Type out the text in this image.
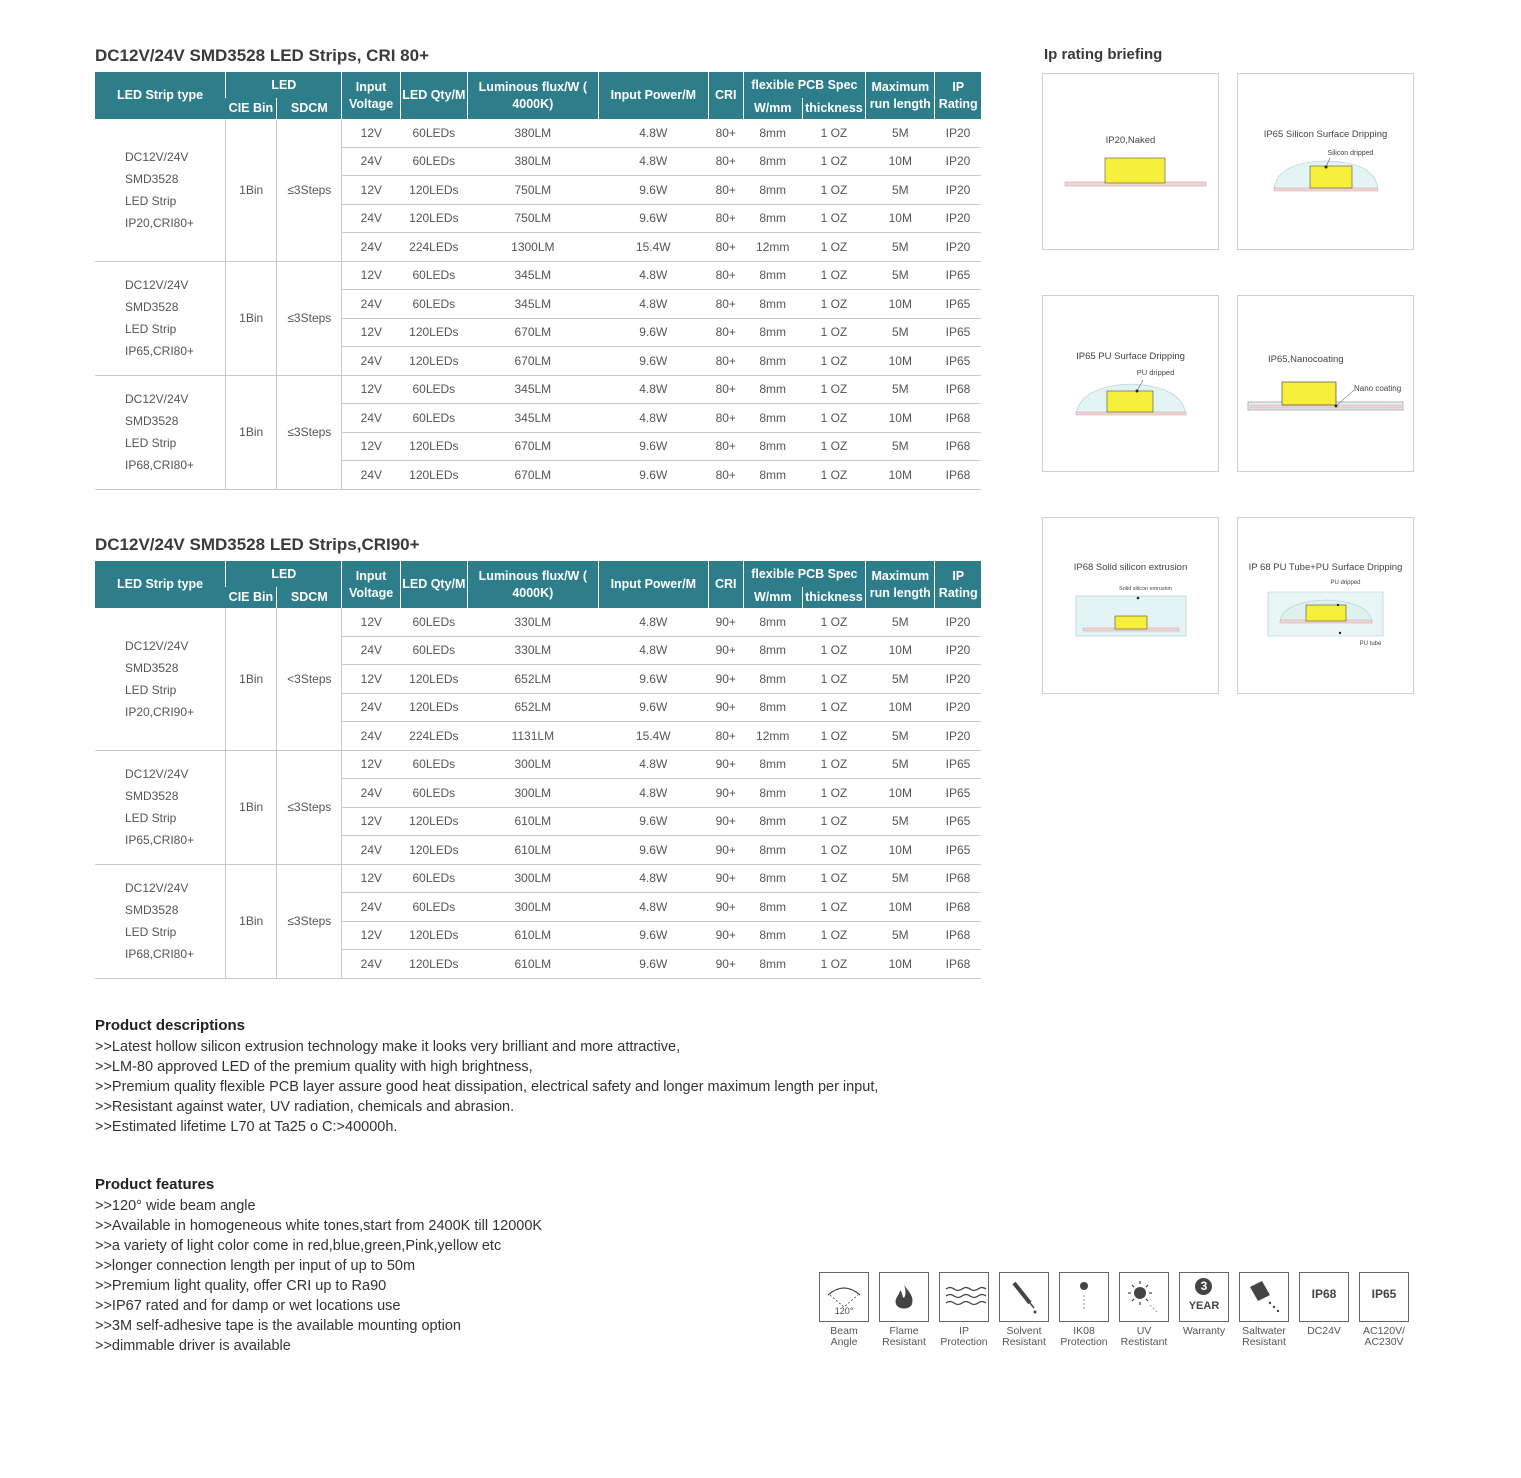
DC12V/24V SMD3528 LED Strips, CRI 80+
LED Strip type	LED		Input Voltage	LED Qty/M	Luminous flux/W ( 4000K)	Input Power/M	CRI	flexible PCB Spec		Maximum run length	IP Rating
	CIE Bin	SDCM						W/mm	thickness		

DC12V/24V
SMD3528
LED Strip
IP20,CRI80+	1Bin	≤3Steps	12V	60LEDs	380LM	4.8W	80+	8mm	1 OZ	5M	IP20
			24V	60LEDs	380LM	4.8W	80+	8mm	1 OZ	10M	IP20
			12V	120LEDs	750LM	9.6W	80+	8mm	1 OZ	5M	IP20
			24V	120LEDs	750LM	9.6W	80+	8mm	1 OZ	10M	IP20
			24V	224LEDs	1300LM	15.4W	80+	12mm	1 OZ	5M	IP20

DC12V/24V
SMD3528
LED Strip
IP65,CRI80+	1Bin	≤3Steps	12V	60LEDs	345LM	4.8W	80+	8mm	1 OZ	5M	IP65
			24V	60LEDs	345LM	4.8W	80+	8mm	1 OZ	10M	IP65
			12V	120LEDs	670LM	9.6W	80+	8mm	1 OZ	5M	IP65
			24V	120LEDs	670LM	9.6W	80+	8mm	1 OZ	10M	IP65

DC12V/24V
SMD3528
LED Strip
IP68,CRI80+	1Bin	≤3Steps	12V	60LEDs	345LM	4.8W	80+	8mm	1 OZ	5M	IP68
			24V	60LEDs	345LM	4.8W	80+	8mm	1 OZ	10M	IP68
			12V	120LEDs	670LM	9.6W	80+	8mm	1 OZ	5M	IP68
			24V	120LEDs	670LM	9.6W	80+	8mm	1 OZ	10M	IP68
DC12V/24V SMD3528 LED Strips,CRI90+
LED Strip type	LED		Input Voltage	LED Qty/M	Luminous flux/W ( 4000K)	Input Power/M	CRI	flexible PCB Spec		Maximum run length	IP Rating
	CIE Bin	SDCM						W/mm	thickness		

DC12V/24V
SMD3528
LED Strip
IP20,CRI90+	1Bin	<3Steps	12V	60LEDs	330LM	4.8W	90+	8mm	1 OZ	5M	IP20
			24V	60LEDs	330LM	4.8W	90+	8mm	1 OZ	10M	IP20
			12V	120LEDs	652LM	9.6W	90+	8mm	1 OZ	5M	IP20
			24V	120LEDs	652LM	9.6W	90+	8mm	1 OZ	10M	IP20
			24V	224LEDs	1131LM	15.4W	80+	12mm	1 OZ	5M	IP20

DC12V/24V
SMD3528
LED Strip
IP65,CRI80+	1Bin	≤3Steps	12V	60LEDs	300LM	4.8W	90+	8mm	1 OZ	5M	IP65
			24V	60LEDs	300LM	4.8W	90+	8mm	1 OZ	10M	IP65
			12V	120LEDs	610LM	9.6W	90+	8mm	1 OZ	5M	IP65
			24V	120LEDs	610LM	9.6W	90+	8mm	1 OZ	10M	IP65

DC12V/24V
SMD3528
LED Strip
IP68,CRI80+	1Bin	≤3Steps	12V	60LEDs	300LM	4.8W	90+	8mm	1 OZ	5M	IP68
			24V	60LEDs	300LM	4.8W	90+	8mm	1 OZ	10M	IP68
			12V	120LEDs	610LM	9.6W	90+	8mm	1 OZ	5M	IP68
			24V	120LEDs	610LM	9.6W	90+	8mm	1 OZ	10M	IP68
Ip rating briefing
IP20,Naked
IP65 Silicon Surface Dripping
Silicon dripped
IP65 PU Surface Dripping
PU dripped
IP65,Nanocoating
Nano coating
IP68 Solid silicon extrusion
Solid silicon extrusion
IP 68 PU Tube+PU Surface Dripping
PU dripped
PU tube
Product descriptions
>>Latest hollow silicon extrusion technology make it looks very brilliant and more attractive,
>>LM-80 approved LED of the premium quality with high brightness,
>>Premium quality flexible PCB layer assure good heat dissipation, electrical safety and longer maximum length per input,
>>Resistant against water, UV radiation, chemicals and abrasion.
>>Estimated lifetime L70 at Ta25 o C:>40000h.
Product features
>>120° wide beam angle
>>Available in homogeneous white tones,start from 2400K till 12000K
>>a variety of light color come in red,blue,green,Pink,yellow etc
>>longer connection length per input of up to 50m
>>Premium light quality, offer CRI up to Ra90
>>IP67 rated and for damp or wet locations use
>>3M self-adhesive tape is the available mounting option
>>dimmable driver is available
120°
Beam
Angle
Flame
Resistant
IP
Protection
Solvent
Resistant
IK08
Protection
UV
Restistant
3
YEAR
Warranty	Saltwater
Resistant
IP68
DC24V
IP65
AC120V/
AC230V
